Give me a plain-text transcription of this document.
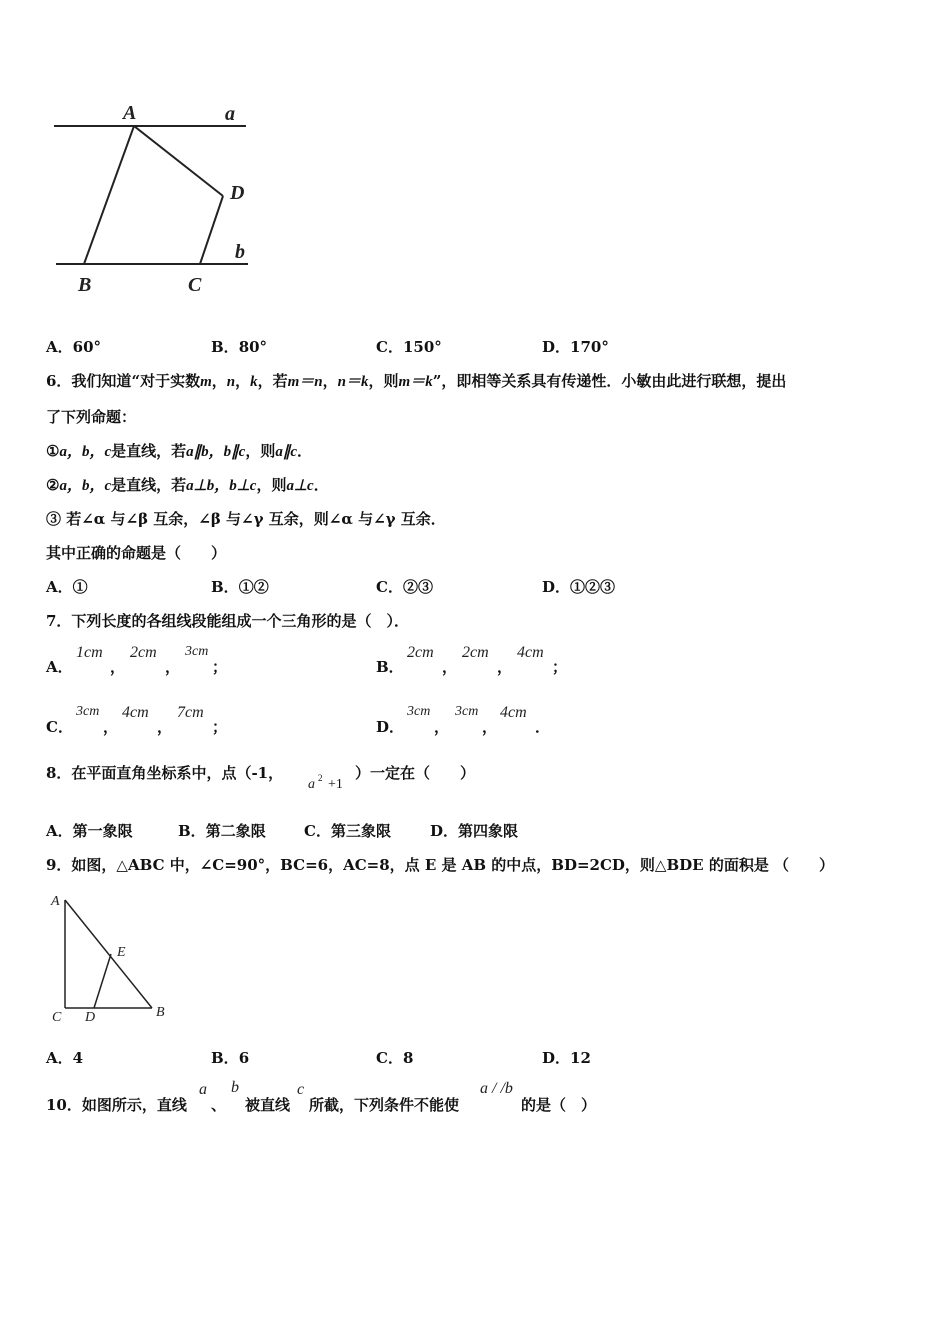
A	a
D
b
B	C
A．60°	B．80°	C．150°	D．170°
6．我们知道“对于实数m，n，k，若m＝n，n＝k，则m＝k”，即相等关系具有传递性．小敏由此进行联想，提出
了下列命题：
①a，b，c是直线，若a∥b，b∥c，则a∥c．
②a，b，c是直线，若a⊥b，b⊥c，则a⊥c．
③ 若∠α 与∠β 互余，∠β 与∠γ 互余，则∠α 与∠γ 互余．
其中正确的命题是（　　）
A．①	B．①②	C．②③	D．①②③
7．下列长度的各组线段能组成一个三角形的是（　）．
A．
1cm
，
2cm
，
3cm
；	B．
2cm
，
2cm
，
4cm
；
C．
3cm
，
4cm
，
7cm
；	D．
3cm
，
3cm
，
4cm
．
8．在平面直角坐标系中，点（-1，
a 2 +1
）一定在（　　）
A．第一象限	B．第二象限	C．第三象限	D．第四象限
9．如图，△ABC 中，∠C=90°，BC=6，AC=8，点 E 是 AB 的中点，BD=2CD，则△BDE 的面积是 （　　）
A
E
C D	B
A．4	B．6	C．8	D．12
10．如图所示，直线
a
、
b
被直线
c
所截，下列条件不能使
a / /b
的是（　）
